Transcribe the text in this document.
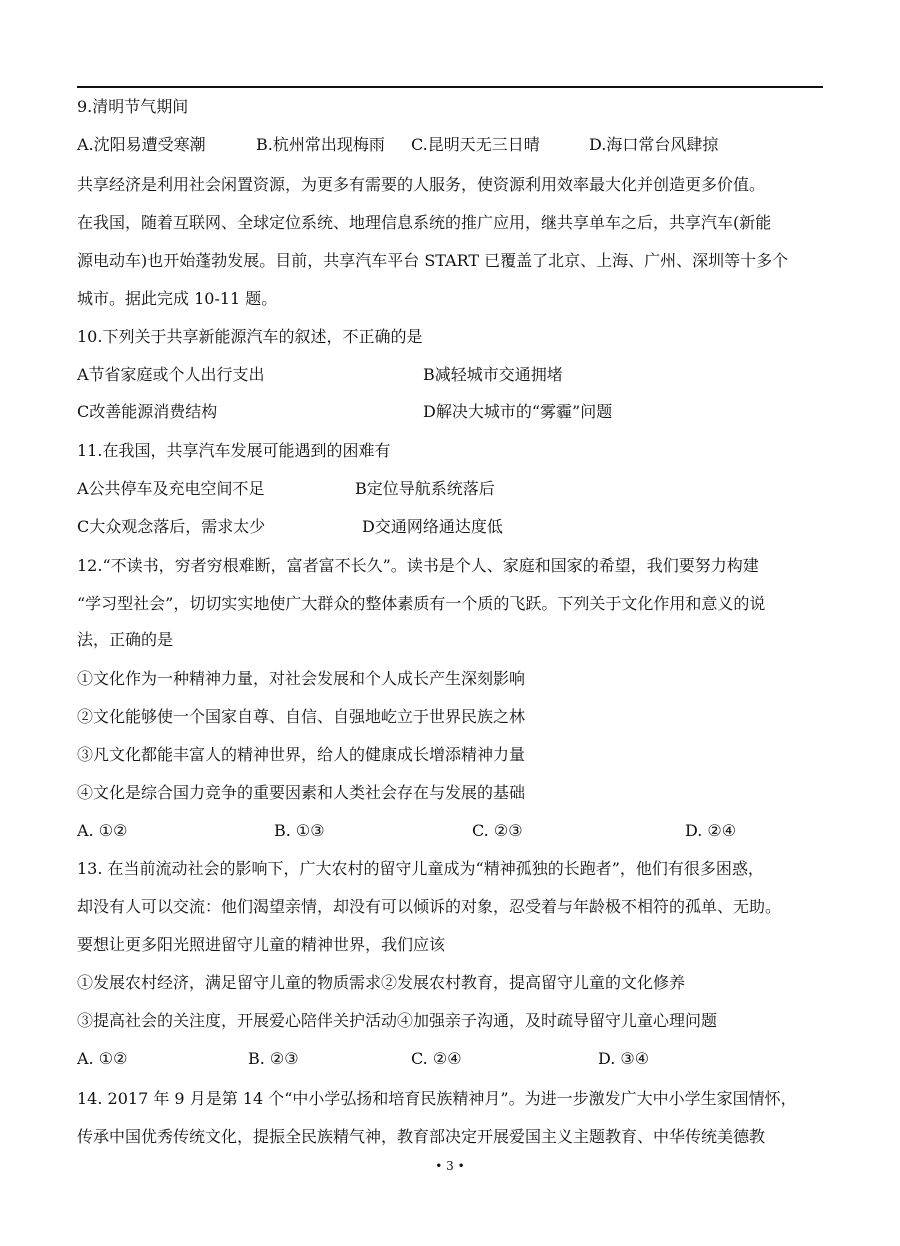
9.清明节气期间
A.沈阳易遭受寒潮	B.杭州常出现梅雨 C.昆明天无三日晴	D.海口常台风肆掠
共享经济是利用社会闲置资源，为更多有需要的人服务，使资源利用效率最大化并创造更多价值。
在我国，随着互联网、全球定位系统、地理信息系统的推广应用，继共享单车之后，共享汽车(新能
源电动车)也开始蓬勃发展。目前，共享汽车平台 START 已覆盖了北京、上海、广州、深圳等十多个
城市。据此完成 10-11 题。
10.下列关于共享新能源汽车的叙述，不正确的是
A节省家庭或个人出行支出	B减轻城市交通拥堵
C改善能源消费结构	D解决大城市的“雾霾”问题
11.在我国，共享汽车发展可能遇到的困难有
A公共停车及充电空间不足	B定位导航系统落后
C大众观念落后，需求太少	D交通网络通达度低
12.“不读书，穷者穷根难断，富者富不长久”。读书是个人、家庭和国家的希望，我们要努力构建
“学习型社会”，切切实实地使广大群众的整体素质有一个质的飞跃。下列关于文化作用和意义的说
法，正确的是
①文化作为一种精神力量，对社会发展和个人成长产生深刻影响
②文化能够使一个国家自尊、自信、自强地屹立于世界民族之林
③凡文化都能丰富人的精神世界，给人的健康成长增添精神力量
④文化是综合国力竞争的重要因素和人类社会存在与发展的基础
A. ①②	B. ①③	C. ②③	D. ②④
13. 在当前流动社会的影响下，广大农村的留守儿童成为“精神孤独的长跑者”，他们有很多困惑，
却没有人可以交流：他们渴望亲情，却没有可以倾诉的对象，忍受着与年龄极不相符的孤单、无助。
要想让更多阳光照进留守儿童的精神世界，我们应该
①发展农村经济，满足留守儿童的物质需求②发展农村教育，提高留守儿童的文化修养
③提高社会的关注度，开展爱心陪伴关护活动④加强亲子沟通，及时疏导留守儿童心理问题
A. ①②	B. ②③	C. ②④	D. ③④
14. 2017 年 9 月是第 14 个“中小学弘扬和培育民族精神月”。为进一步激发广大中小学生家国情怀，
传承中国优秀传统文化，提振全民族精气神，教育部决定开展爱国主义主题教育、中华传统美德教
• 3 •
